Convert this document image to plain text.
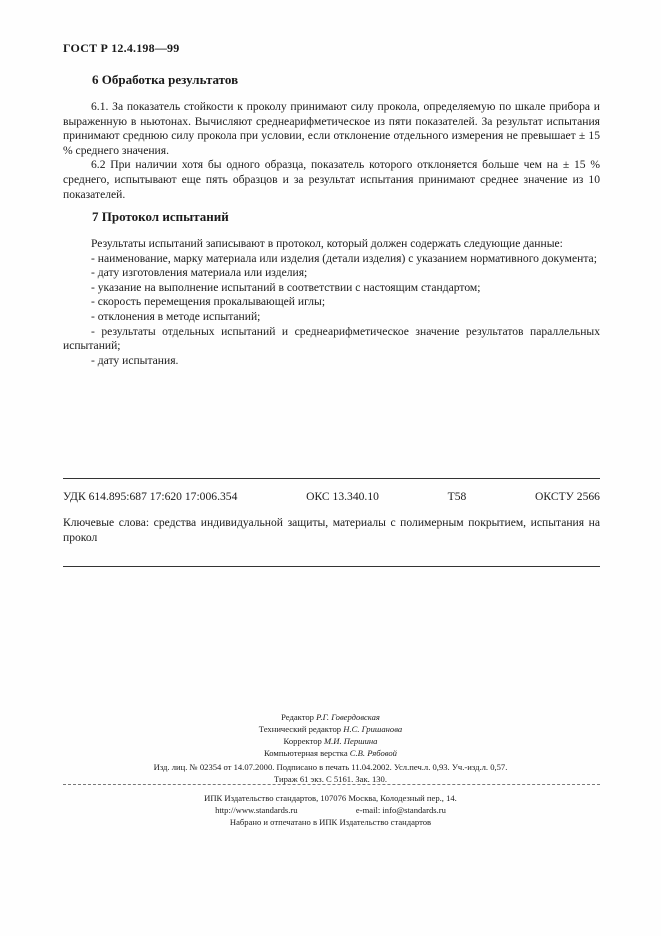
ГОСТ Р 12.4.198—99
6 Обработка результатов

6.1. За показатель стойкости к проколу принимают силу прокола, определяемую по шкале прибора и выраженную в ньютонах. Вычисляют среднеарифметическое из пяти показателей. За результат испытания принимают среднюю силу прокола при условии, если отклонение отдельного измерения не превышает ± 15 % среднего значения.

6.2 При наличии хотя бы одного образца, показатель которого отклоняется больше чем на ± 15 % среднего, испытывают еще пять образцов и за результат испытания принимают среднее значение из 10 показателей.

7 Протокол испытаний

Результаты испытаний записывают в протокол, который должен содержать следующие данные:

- наименование, марку материала или изделия (детали изделия) с указанием нормативного документа;

- дату изготовления материала или изделия;

- указание на выполнение испытаний в соответствии с настоящим стандартом;

- скорость перемещения прокалывающей иглы;

- отклонения в методе испытаний;

- результаты отдельных испытаний и среднеарифметическое значение результатов параллельных испытаний;

- дату испытания.

УДК 614.895:687 17:620 17:006.354	ОКС 13.340.10	Т58	ОКСТУ 2566
Ключевые слова: средства индивидуальной защиты, материалы с полимерным покрытием, испытания на прокол
Редактор Р.Г. Говердовская
Технический редактор Н.С. Гришанова
Корректор М.И. Першина
Компьютерная верстка С.В. Рябовой
Изд. лиц. № 02354 от 14.07.2000. Подписано в печать 11.04.2002. Усл.печ.л. 0,93. Уч.-изд.л. 0,57.
Тираж 61 экз. С 5161. Зак. 130.
ИПК Издательство стандартов, 107076 Москва, Колодезный пер., 14.
http://www.standards.ru	e-mail: info@standards.ru
Набрано и отпечатано в ИПК Издательство стандартов
